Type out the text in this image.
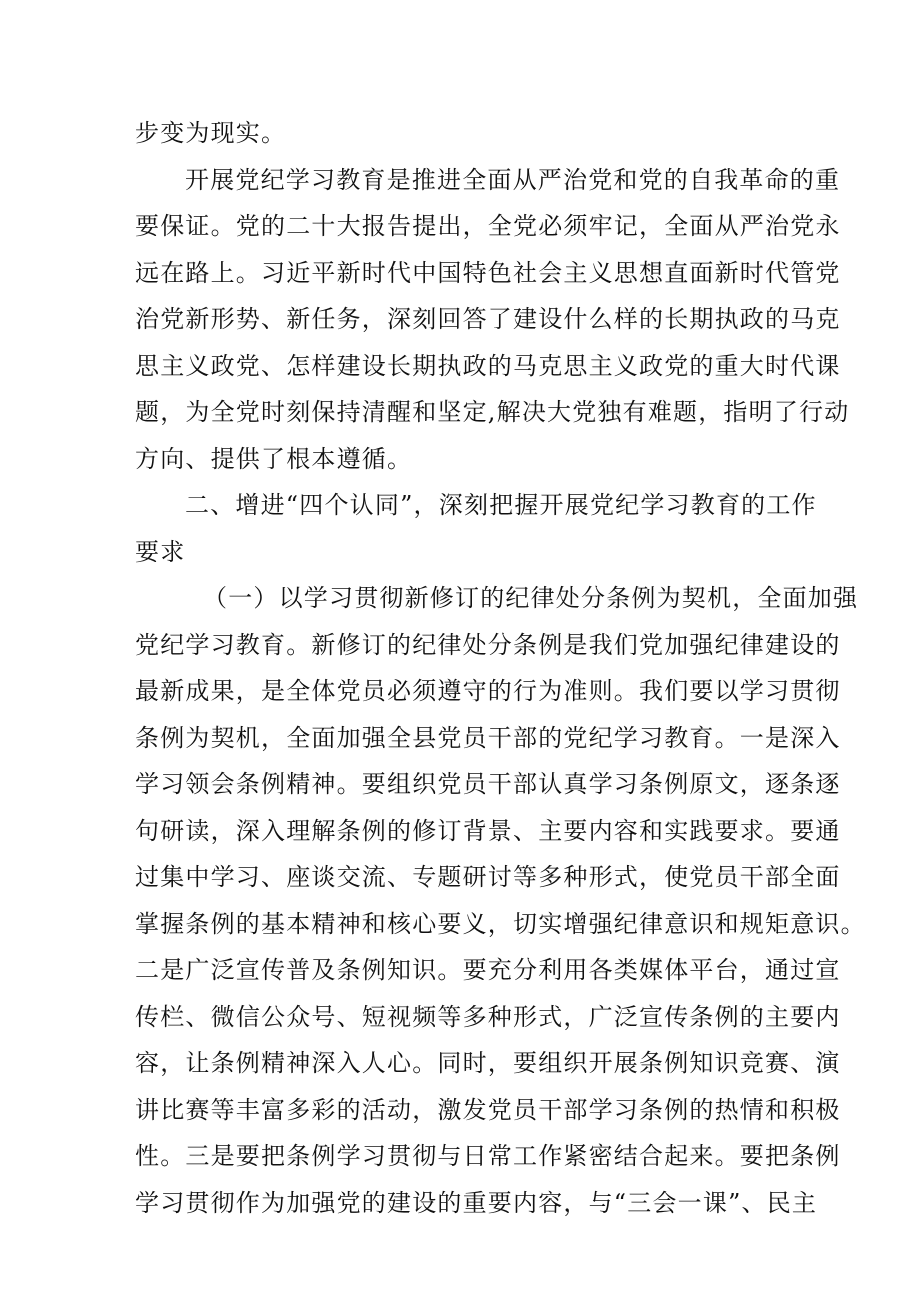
步变为现实。
开展党纪学习教育是推进全面从严治党和党的自我革命的重
要保证。党的二十大报告提出，全党必须牢记，全面从严治党永
远在路上。习近平新时代中国特色社会主义思想直面新时代管党
治党新形势、新任务，深刻回答了建设什么样的长期执政的马克
思主义政党、怎样建设长期执政的马克思主义政党的重大时代课
题，为全党时刻保持清醒和坚定,解决大党独有难题，指明了行动
方向、提供了根本遵循。
二、增进“四个认同”，深刻把握开展党纪学习教育的工作
要求
（一）以学习贯彻新修订的纪律处分条例为契机，全面加强
党纪学习教育。新修订的纪律处分条例是我们党加强纪律建设的
最新成果，是全体党员必须遵守的行为准则。我们要以学习贯彻
条例为契机，全面加强全县党员干部的党纪学习教育。一是深入
学习领会条例精神。要组织党员干部认真学习条例原文，逐条逐
句研读，深入理解条例的修订背景、主要内容和实践要求。要通
过集中学习、座谈交流、专题研讨等多种形式，使党员干部全面
掌握条例的基本精神和核心要义，切实增强纪律意识和规矩意识。
二是广泛宣传普及条例知识。要充分利用各类媒体平台，通过宣
传栏、微信公众号、短视频等多种形式，广泛宣传条例的主要内
容，让条例精神深入人心。同时，要组织开展条例知识竞赛、演
讲比赛等丰富多彩的活动，激发党员干部学习条例的热情和积极
性。三是要把条例学习贯彻与日常工作紧密结合起来。要把条例
学习贯彻作为加强党的建设的重要内容，与“三会一课”、民主
